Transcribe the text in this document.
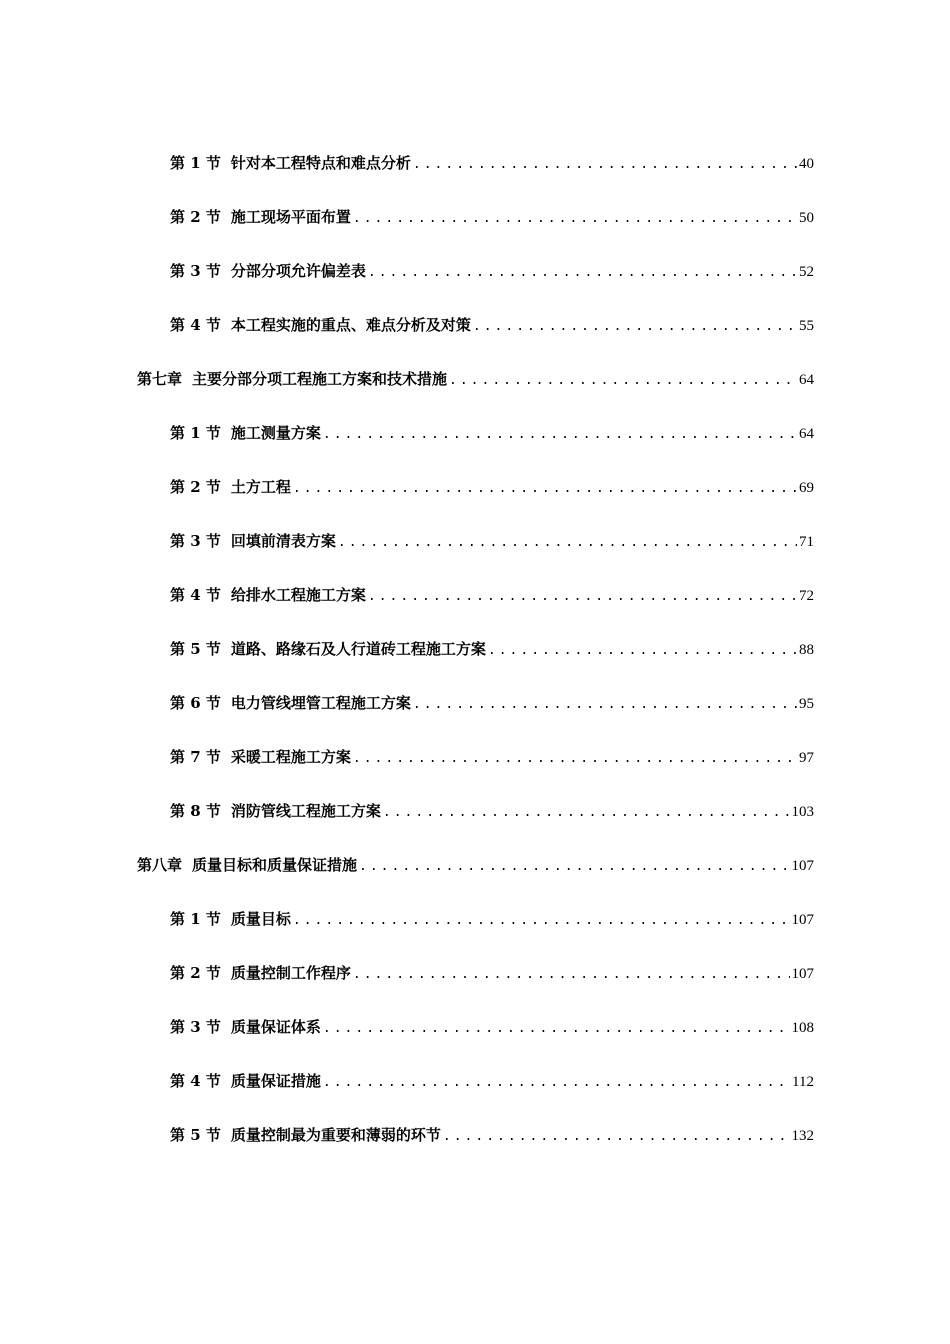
第 1 节 针对本工程特点和难点分析 .....	40
第 2 节 施工现场平面布置 .....	50
第 3 节 分部分项允许偏差表 .....	52
第 4 节 本工程实施的重点、难点分析及对策 .....	55
第七章 主要分部分项工程施工方案和技术措施 .....	64
第 1 节 施工测量方案 .....	64
第 2 节 土方工程 .....	69
第 3 节 回填前清表方案 .....	71
第 4 节 给排水工程施工方案 .....	72
第 5 节 道路、路缘石及人行道砖工程施工方案 .....	88
第 6 节 电力管线埋管工程施工方案 .....	95
第 7 节 采暖工程施工方案 .....	97
第 8 节 消防管线工程施工方案 .....	103
第八章 质量目标和质量保证措施 .....	107
第 1 节 质量目标 .....	107
第 2 节 质量控制工作程序 .....	107
第 3 节 质量保证体系 .....	108
第 4 节 质量保证措施 .....	112
第 5 节 质量控制最为重要和薄弱的环节 .....	132
